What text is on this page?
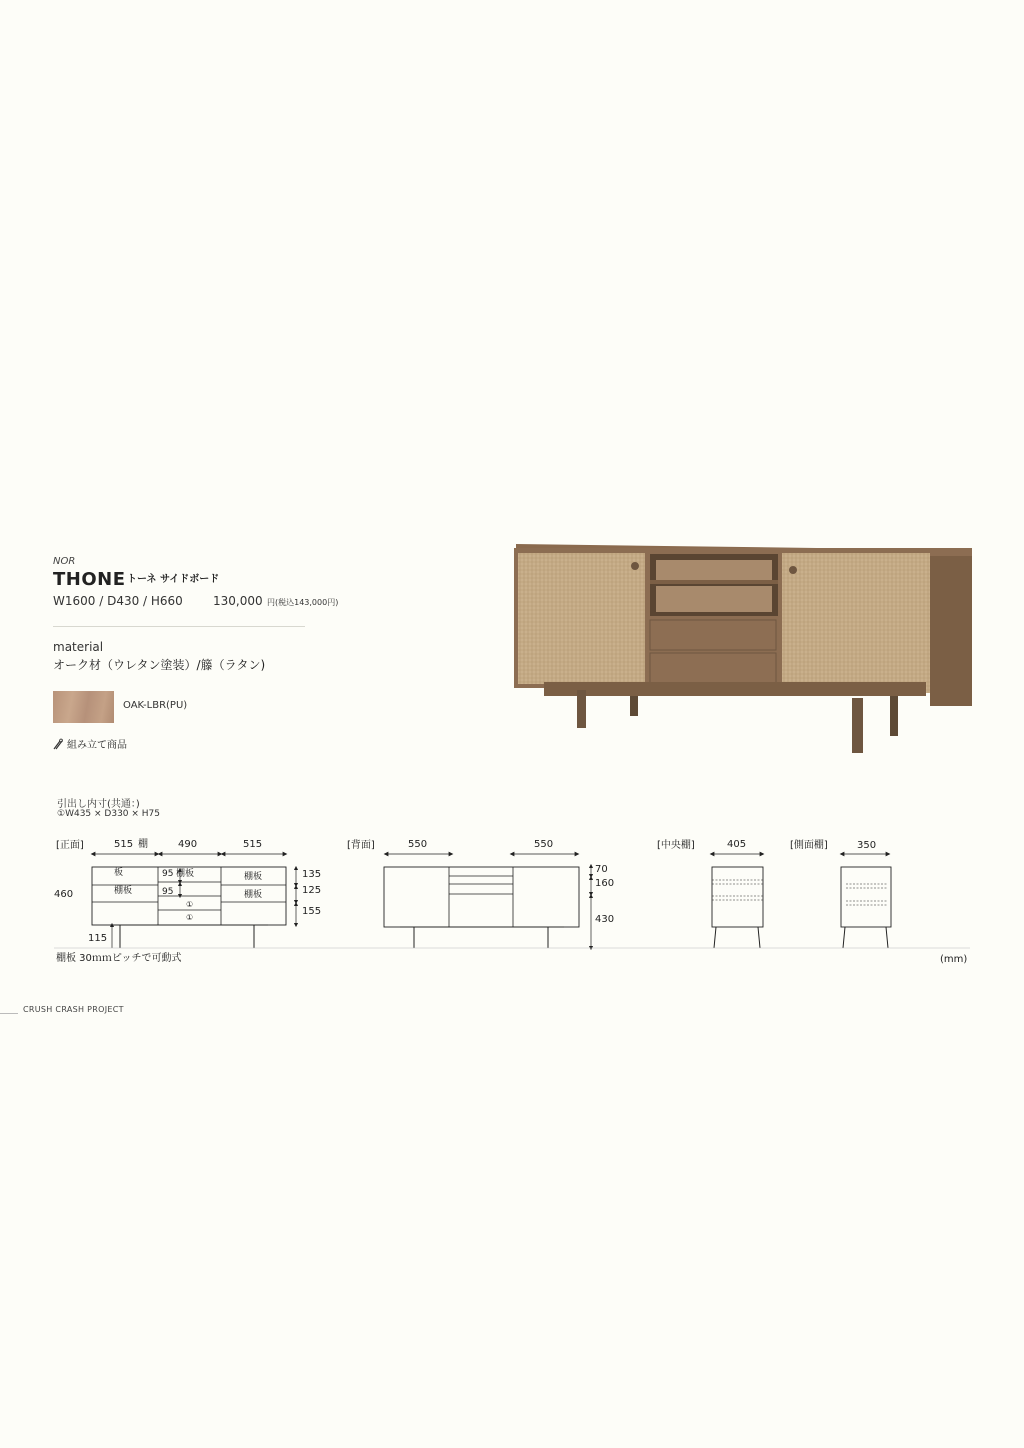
NOR
THONE トーネ サイドボード
W1600 / D430 / H660	130,000 円(税込143,000円)
material
オーク材（ウレタン塗装）/籐（ラタン)
OAK-LBR(PU)
組み立て商品
引出し内寸(共通：)
①W435 × D330 × H75
[正面]	515 棚	490	515
板
棚板
棚板	棚板
棚板
95
95
①
①
460
115
135
125
155
[背面]	550	550
70
160
430
[中央棚]	405	[側面棚]	350
棚板 30ｍｍピッチで可動式	(mm)
CRUSH CRASH PROJECT
